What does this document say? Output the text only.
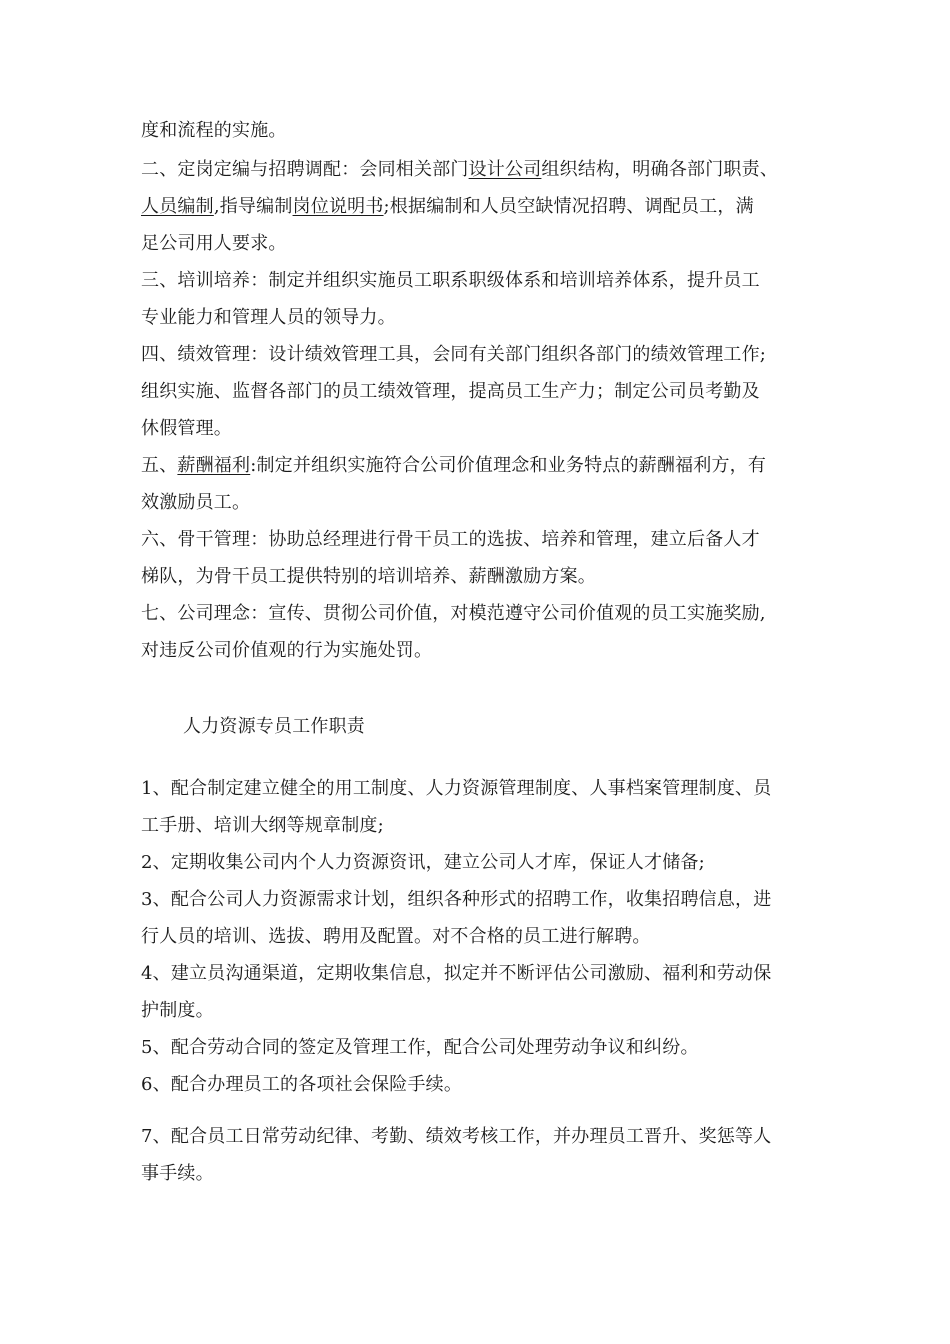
度和流程的实施。
二、定岗定编与招聘调配：会同相关部门设计公司组织结构，明确各部门职责、
人员编制,指导编制岗位说明书;根据编制和人员空缺情况招聘、调配员工，满
足公司用人要求。
三、培训培养：制定并组织实施员工职系职级体系和培训培养体系，提升员工
专业能力和管理人员的领导力。
四、绩效管理：设计绩效管理工具，会同有关部门组织各部门的绩效管理工作;
组织实施、监督各部门的员工绩效管理，提高员工生产力；制定公司员考勤及
休假管理。
五、薪酬福利:制定并组织实施符合公司价值理念和业务特点的薪酬福利方，有
效激励员工。
六、骨干管理：协助总经理进行骨干员工的选拔、培养和管理，建立后备人才
梯队，为骨干员工提供特别的培训培养、薪酬激励方案。
七、公司理念：宣传、贯彻公司价值，对模范遵守公司价值观的员工实施奖励,
对违反公司价值观的行为实施处罚。
人力资源专员工作职责
1、配合制定建立健全的用工制度、人力资源管理制度、人事档案管理制度、员
工手册、培训大纲等规章制度;
2、定期收集公司内个人力资源资讯，建立公司人才库，保证人才储备;
3、配合公司人力资源需求计划，组织各种形式的招聘工作，收集招聘信息，进
行人员的培训、选拔、聘用及配置。对不合格的员工进行解聘。
4、建立员沟通渠道，定期收集信息，拟定并不断评估公司激励、福利和劳动保
护制度。
5、配合劳动合同的签定及管理工作，配合公司处理劳动争议和纠纷。
6、配合办理员工的各项社会保险手续。
7、配合员工日常劳动纪律、考勤、绩效考核工作，并办理员工晋升、奖惩等人
事手续。
